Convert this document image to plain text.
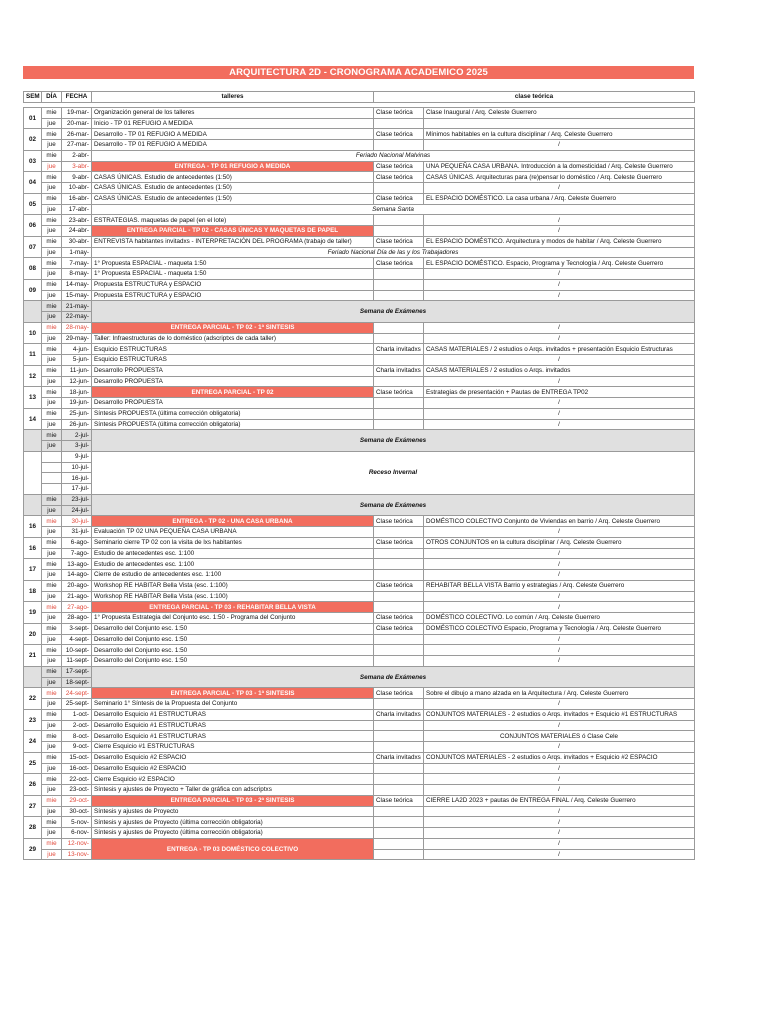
ARQUITECTURA 2D - CRONOGRAMA ACADEMICO 2025
SEM	DÍA	FECHA	talleres	clase teórica	

01	mie	19-mar-	Organización general de los talleres	Clase teórica	Clase Inaugural / Arq. Celeste Guerrero
	jue	20-mar-	Inicio - TP 01 REFUGIO A MEDIDA		
02	mie	26-mar-	Desarrollo - TP 01 REFUGIO A MEDIDA	Clase teórica	Mínimos habitables en la cultura disciplinar / Arq. Celeste Guerrero
	jue	27-mar-	Desarrollo - TP 01 REFUGIO A MEDIDA		/
03	mie	2-abr-	Feriado Nacional Malvinas		
	jue	3-abr-	ENTREGA - TP 01 REFUGIO A MEDIDA	Clase teórica	UNA PEQUEÑA CASA URBANA. Introducción a la domesticidad / Arq. Celeste Guerrero
04	mie	9-abr-	CASAS ÚNICAS. Estudio de antecedentes (1:50)	Clase teórica	CASAS ÚNICAS. Arquitecturas para (re)pensar lo doméstico / Arq. Celeste Guerrero
	jue	10-abr-	CASAS ÚNICAS. Estudio de antecedentes (1:50)		/
05	mie	16-abr-	CASAS ÚNICAS. Estudio de antecedentes (1:50)	Clase teórica	EL ESPACIO DOMÉSTICO. La casa urbana / Arq. Celeste Guerrero
	jue	17-abr-	Semana Santa		
06	mie	23-abr-	ESTRATEGIAS. maquetas de papel (en el lote)		/
	jue	24-abr-	ENTREGA PARCIAL - TP 02 - CASAS ÚNICAS Y MAQUETAS DE PAPEL		/
07	mie	30-abr-	ENTREVISTA habitantes invitadxs - INTERPRETACIÓN DEL PROGRAMA (trabajo de taller)	Clase teórica	EL ESPACIO DOMÉSTICO. Arquitectura y modos de habitar / Arq. Celeste Guerrero
	jue	1-may-	Feriado Nacional Día de las y los Trabajadores		
08	mie	7-may-	1° Propuesta ESPACIAL - maqueta 1:50	Clase teórica	EL ESPACIO DOMÉSTICO. Espacio, Programa y Tecnología / Arq. Celeste Guerrero
	jue	8-may-	1° Propuesta ESPACIAL - maqueta 1:50		/
09	mie	14-may-	Propuesta ESTRUCTURA y ESPACIO		/
	jue	15-may-	Propuesta ESTRUCTURA y ESPACIO		/
	mie	21-may-	Semana de Exámenes		
	jue	22-may-			
10	mie	28-may-	ENTREGA PARCIAL - TP 02 - 1ª SINTESIS		/
	jue	29-may-	Taller: Infraestructuras de lo doméstico (adscriptxs de cada taller)		/
11	mie	4-jun-	Esquicio ESTRUCTURAS	Charla invitadxs	CASAS MATERIALES / 2 estudios o Arqs. invitados + presentación Esquicio Estructuras
	jue	5-jun-	Esquicio ESTRUCTURAS		/
12	mie	11-jun-	Desarrollo PROPUESTA	Charla invitadxs	CASAS MATERIALES / 2 estudios o Arqs. invitados
	jue	12-jun-	Desarrollo PROPUESTA		/
13	mie	18-jun-	ENTREGA PARCIAL - TP 02	Clase teórica	Estrategias de presentación + Pautas de ENTREGA TP02
	jue	19-jun-	Desarrollo PROPUESTA		/
14	mie	25-jun-	Síntesis PROPUESTA (última corrección obligatoria)		/
	jue	26-jun-	Síntesis PROPUESTA (última corrección obligatoria)		/
	mie	2-jul-	Semana de Exámenes		
	jue	3-jul-			
		9-jul-	Receso Invernal		
		10-jul-			
		16-jul-			
		17-jul-			
	mie	23-jul-	Semana de Exámenes		
	jue	24-jul-			
16	mie	30-jul-	ENTREGA - TP 02 - UNA CASA URBANA	Clase teórica	DOMÉSTICO COLECTIVO Conjunto de Viviendas en barrio / Arq. Celeste Guerrero
	jue	31-jul-	Evaluación TP 02 UNA PEQUEÑA CASA URBANA		/
16	mie	6-ago-	Seminario cierre TP 02 con la visita de lxs habitantes	Clase teórica	OTROS CONJUNTOS en la cultura disciplinar / Arq. Celeste Guerrero
	jue	7-ago-	Estudio de antecedentes esc. 1:100		/
17	mie	13-ago-	Estudio de antecedentes esc. 1:100		/
	jue	14-ago-	Cierre de estudio de antecedentes esc. 1:100		/
18	mie	20-ago-	Workshop RE HABITAR Bella Vista (esc. 1:100)	Clase teórica	REHABITAR BELLA VISTA Barrio y estrategias / Arq. Celeste Guerrero
	jue	21-ago-	Workshop RE HABITAR Bella Vista (esc. 1:100)		/
19	mie	27-ago-	ENTREGA PARCIAL - TP 03 - REHABITAR BELLA VISTA		/
	jue	28-ago-	1° Propuesta Estrategia del Conjunto esc. 1:50 - Programa del Conjunto	Clase teórica	DOMÉSTICO COLECTIVO. Lo común / Arq. Celeste Guerrero
20	mie	3-sept-	Desarrollo del Conjunto esc. 1:50	Clase teórica	DOMÉSTICO COLECTIVO Espacio, Programa y Tecnología / Arq. Celeste Guerrero
	jue	4-sept-	Desarrollo del Conjunto esc. 1:50		/
21	mie	10-sept-	Desarrollo del Conjunto esc. 1:50		/
	jue	11-sept-	Desarrollo del Conjunto esc. 1:50		/
	mie	17-sept-	Semana de Exámenes		
	jue	18-sept-			
22	mie	24-sept-	ENTREGA PARCIAL - TP 03 - 1ª SINTESIS	Clase teórica	Sobre el dibujo a mano alzada en la Arquitectura / Arq. Celeste Guerrero
	jue	25-sept-	Seminario 1° Síntesis de la Propuesta del Conjunto		/
23	mie	1-oct-	Desarrollo Esquicio #1 ESTRUCTURAS	Charla invitadxs	CONJUNTOS MATERIALES - 2 estudios o Arqs. invitados + Esquicio #1 ESTRUCTURAS
	jue	2-oct-	Desarrollo Esquicio #1 ESTRUCTURAS		/
24	mie	8-oct-	Desarrollo Esquicio #1 ESTRUCTURAS		CONJUNTOS MATERIALES ó Clase Cele
	jue	9-oct-	Cierre Esquicio #1 ESTRUCTURAS		/
25	mie	15-oct-	Desarrollo Esquicio #2 ESPACIO	Charla invitadxs	CONJUNTOS MATERIALES - 2 estudios o Arqs. invitados + Esquicio #2 ESPACIO
	jue	16-oct-	Desarrollo Esquicio #2 ESPACIO		/
26	mie	22-oct-	Cierre Esquicio #2 ESPACIO		/
	jue	23-oct-	Síntesis y ajustes de Proyecto + Taller de gráfica con adscriptxs		/
27	mie	29-oct-	ENTREGA PARCIAL - TP 03 - 2ª SINTESIS	Clase teórica	CIERRE LA2D 2023 + pautas de ENTREGA FINAL / Arq. Celeste Guerrero
	jue	30-oct-	Síntesis y ajustes de Proyecto		/
28	mie	5-nov-	Síntesis y ajustes de Proyecto (última corrección obligatoria)		/
	jue	6-nov-	Síntesis y ajustes de Proyecto (última corrección obligatoria)		/
29	mie	12-nov-	ENTREGA - TP 03 DOMÉSTICO COLECTIVO		/
	jue	13-nov-			/
